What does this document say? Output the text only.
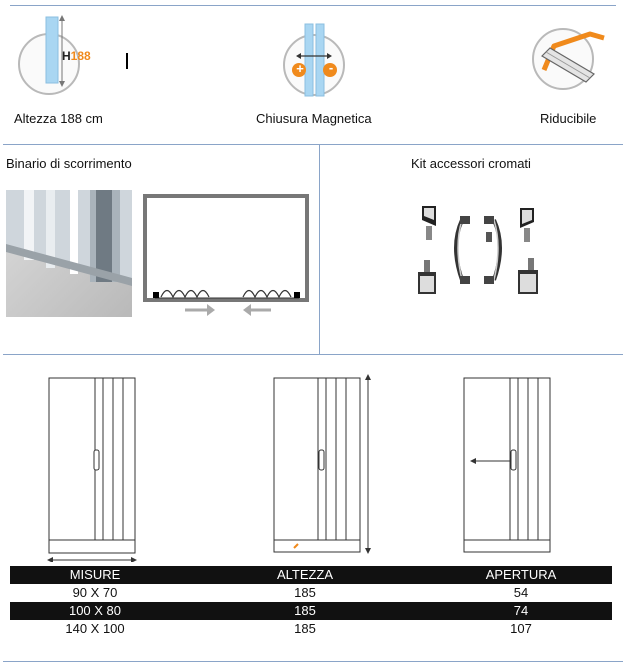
H188
Altezza 188 cm
+ -
Chiusura Magnetica	Riducibile
Binario di scorrimento	Kit accessori cromati
MISURE	ALTEZZA	APERTURA
90 X 70	185	54
100 X 80	185	74
140 X 100	185	107
